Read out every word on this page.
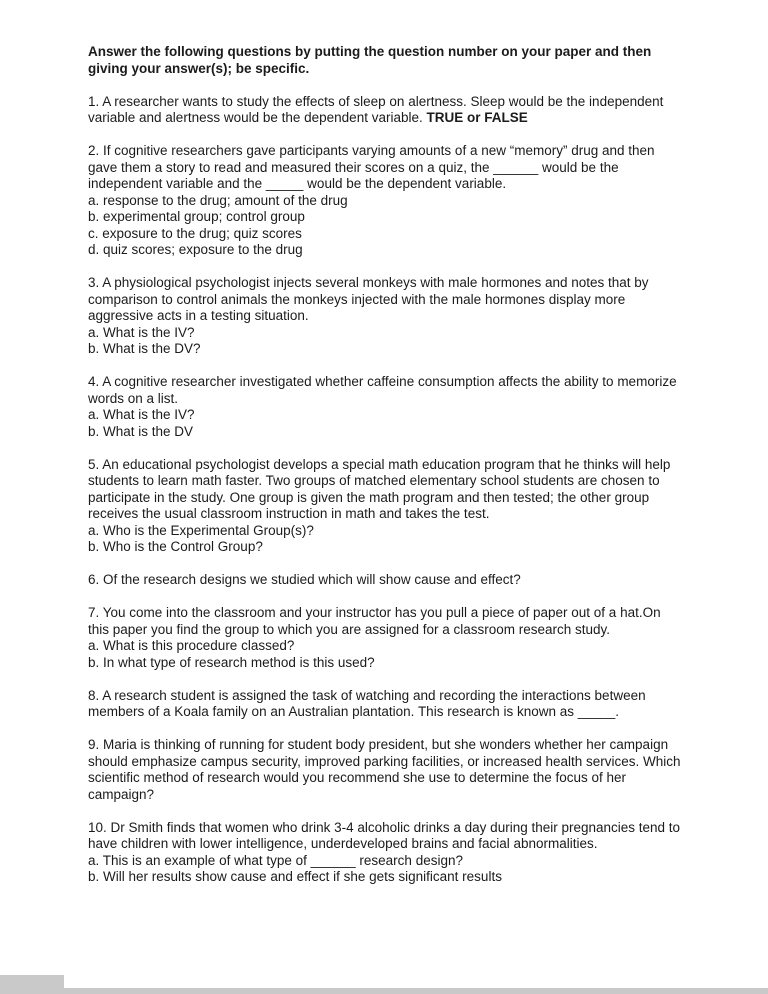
Answer the following questions by putting the question number on your paper and then giving your answer(s); be specific.

1. A researcher wants to study the effects of sleep on alertness. Sleep would be the independent variable and alertness would be the dependent variable. TRUE or FALSE

2. If cognitive researchers gave participants varying amounts of a new “memory” drug and then gave them a story to read and measured their scores on a quiz, the ______ would be the independent variable and the _____ would be the dependent variable.

a. response to the drug; amount of the drug

b. experimental group; control group

c. exposure to the drug; quiz scores

d. quiz scores; exposure to the drug

3. A physiological psychologist injects several monkeys with male hormones and notes that by comparison to control animals the monkeys injected with the male hormones display more aggressive acts in a testing situation.

a. What is the IV?

b. What is the DV?

4. A cognitive researcher investigated whether caffeine consumption affects the ability to memorize words on a list.

a. What is the IV?

b. What is the DV

5. An educational psychologist develops a special math education program that he thinks will help students to learn math faster. Two groups of matched elementary school students are chosen to participate in the study. One group is given the math program and then tested; the other group receives the usual classroom instruction in math and takes the test.

a. Who is the Experimental Group(s)?

b. Who is the Control Group?

6. Of the research designs we studied which will show cause and effect?

7. You come into the classroom and your instructor has you pull a piece of paper out of a hat.On this paper you find the group to which you are assigned for a classroom research study.

a. What is this procedure classed?

b. In what type of research method is this used?

8. A research student is assigned the task of watching and recording the interactions between members of a Koala family on an Australian plantation. This research is known as _____.

9. Maria is thinking of running for student body president, but she wonders whether her campaign should emphasize campus security, improved parking facilities, or increased health services. Which scientific method of research would you recommend she use to determine the focus of her campaign?

10. Dr Smith finds that women who drink 3-4 alcoholic drinks a day during their pregnancies tend to have children with lower intelligence, underdeveloped brains and facial abnormalities.

a. This is an example of what type of ______ research design?

b. Will her results show cause and effect if she gets significant results
